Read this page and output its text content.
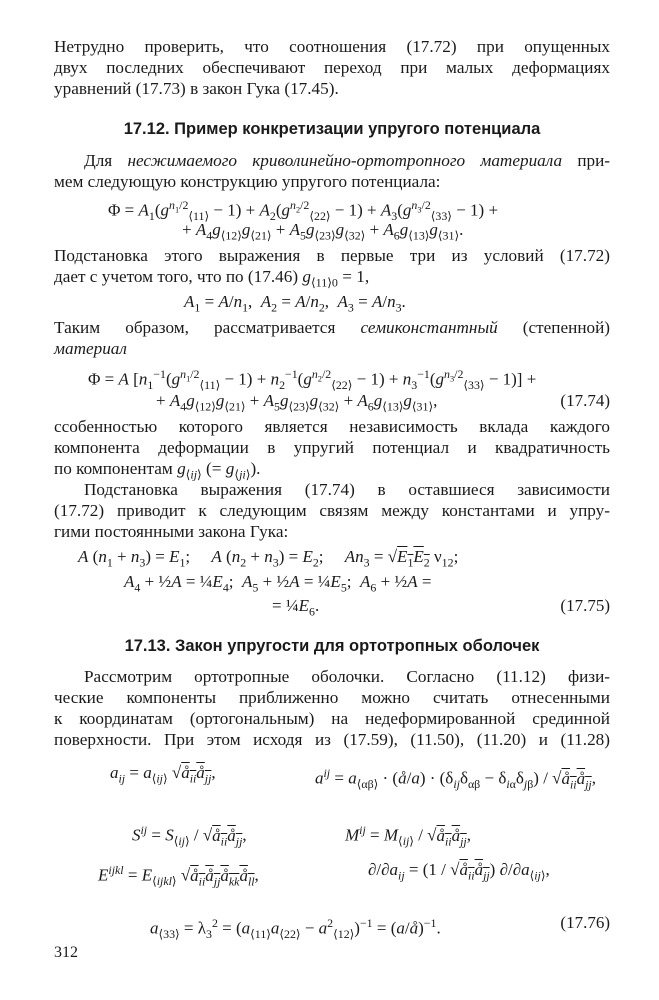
Нетрудно проверить, что соотношения (17.72) при опущенных
двух последних обеспечивают переход при малых деформациях
уравнений (17.73) в закон Гука (17.45).
17.12. Пример конкретизации упругого потенциала
Для несжимаемого криволинейно-ортотропного материала при-
мем следующую конструкцию упругого потенциала:
$\Phi = A_1(g^{n_1/2}_{⟨11⟩} - 1) + A_2(g^{n_2/2}_{⟨22⟩} - 1) + A_3(g^{n_3/2}_{⟨33⟩} - 1)$ +
+ $A_4g_{⟨12⟩}g_{⟨21⟩} + A_5g_{⟨23⟩}g_{⟨32⟩} + A_6g_{⟨13⟩}g_{⟨31⟩}$.
Подстановка этого выражения в первые три из условий (17.72)
дает с учетом того, что по (17.46) $g_{⟨11⟩0} = 1$,
$A_1 = A/n_1$,  $A_2 = A/n_2$,  $A_3 = A/n_3$.
Таким образом, рассматривается семиконстантный (степенной)
материал
Φ = A $[n_1^{-1}(g^{n_1/2}_{⟨11⟩} - 1) + n_2^{-1}(g^{n_2/2}_{⟨22⟩} - 1) + n_3^{-1}(g^{n_3/2}_{⟨33⟩} - 1)]$ +
+ $A_4g_{⟨12⟩}g_{⟨21⟩} + A_5g_{⟨23⟩}g_{⟨32⟩} + A_6g_{⟨13⟩}g_{⟨31⟩}$,	(17.74)
ссобенностью которого является независимость вклада каждого
компонента деформации в упругий потенциал и квадратичность
по компонентам $g_{⟨ij⟩}$ (= $g_{⟨ji⟩}$).
Подстановка выражения (17.74) в оставшиеся зависимости
(17.72) приводит к следующим связям между константами и упру-
гими постоянными закона Гука:
A $(n_1 + n_3) = E_1$;     A $(n_2 + n_3) = E_2$;     $An_3 = √E_1E_2$ $\nu_{12}$;
$A_4$ + ½A = $\frac{1}{4}E_4$;  $A_5$ + ½A = $\frac{1}{4}E_5$;  $A_6$ + ½A =
= $\frac{1}{4}E_6$.	(17.75)
17.13. Закон упругости для ортотропных оболочек
Рассмотрим ортотропные оболочки. Согласно (11.12) физи-
ческие компоненты приближенно можно считать отнесенными
к координатам (ортогональным) на недеформированной срединной
поверхности. При этом исходя из (17.59), (11.50), (11.20) и (11.28)
$a_{ij} = a_{⟨ij⟩}$ $√å_{ii}å_{jj}$,	$a^{ij} = a_{⟨\alpha\beta⟩}$ · (å/a) · $(\delta_{ij}\delta_{\alpha\beta} - \delta_{i\alpha}\delta_{j\beta})$ / $√å_{ii}å_{jj}$,
$S^{ij} = S_{⟨ij⟩}$ / $√å_{ii}å_{jj}$,	$M^{ij} = M_{⟨ij⟩}$ / $√å_{ii}å_{jj}$,
$E^{ijkl} = E_{⟨ijkl⟩}$ $√å_{ii}å_{jj}å_{kk}å_{ll}$,	$\partial/\partial a_{ij} = (1$ / $√å_{ii}å_{jj}$) $\partial/\partial a_{⟨ij⟩}$,
$a_{⟨33⟩} = \lambda_3^2 = (a_{⟨11⟩}a_{⟨22⟩} - a^2_{⟨12⟩})^{-1}$ = (a/å)$^{-1}$.	(17.76)
312
